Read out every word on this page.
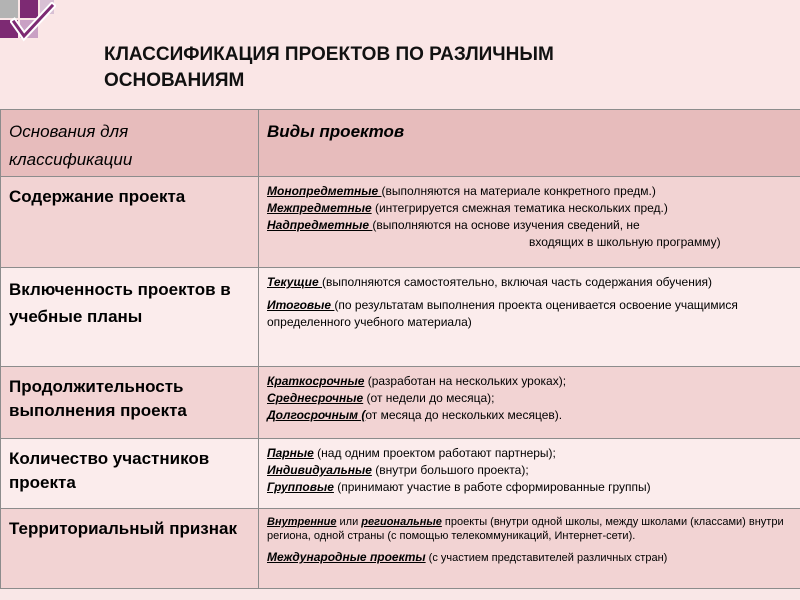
КЛАССИФИКАЦИЯ ПРОЕКТОВ ПО РАЗЛИЧНЫМ
ОСНОВАНИЯМ
Основания для классификации	Виды проектов

Содержание проекта	Монопредметные (выполняются на материале конкретного предм.)

Межпредметные (интегрируется смежная тематика нескольких пред.)

Надпредметные (выполняются на основе изучения сведений, не

входящих в школьную программу)

Включенность проектов в учебные планы	Текущие (выполняются самостоятельно, включая часть содержания обучения)

Итоговые (по результатам выполнения проекта оценивается освоение учащимися определенного учебного материала)

Продолжительность выполнения проекта	Краткосрочные (разработан на нескольких уроках);

Среднесрочные (от недели до месяца);

Долгосрочным (от месяца до нескольких месяцев).

Количество участников проекта	Парные (над одним проектом работают партнеры);

Индивидуальные (внутри большого проекта);

Групповые (принимают участие в работе сформированные группы)

Территориальный признак	Внутренние или региональные проекты (внутри одной школы, между школами (классами) внутри региона, одной страны (с помощью телекоммуникаций, Интернет-сети).

Международные проекты (с участием представителей различных стран)
